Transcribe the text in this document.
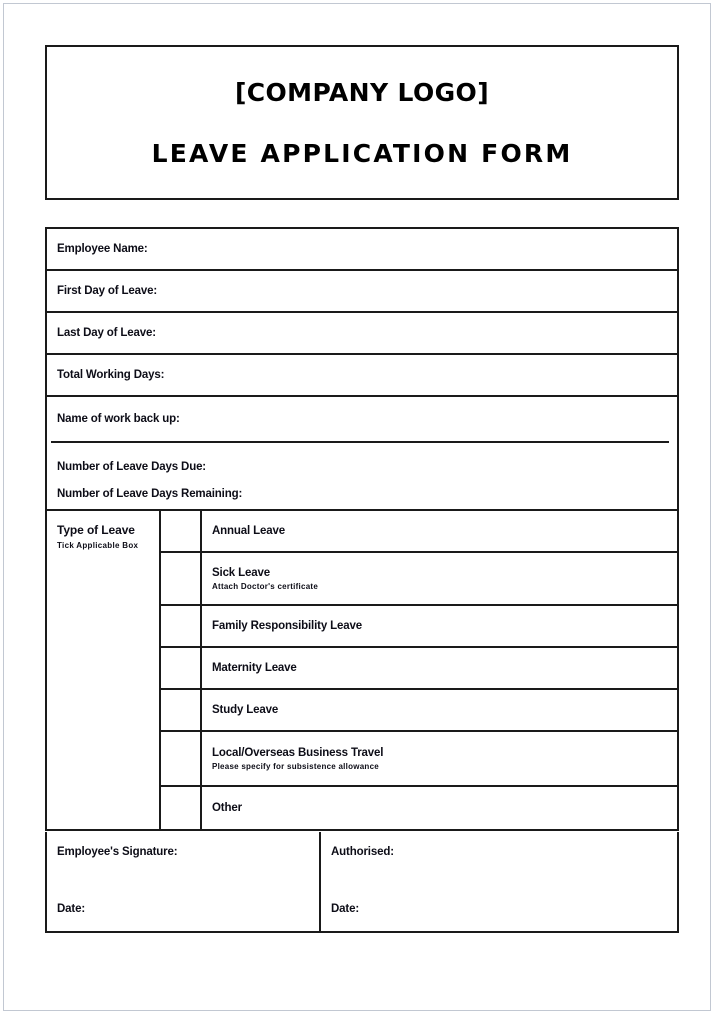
[COMPANY LOGO]
LEAVE APPLICATION FORM
Employee Name:
First Day of Leave:
Last Day of Leave:
Total Working Days:
Name of work back up:
Number of Leave Days Due:
Number of Leave Days Remaining:
Type of Leave
Tick Applicable Box
Annual Leave
Sick Leave
Attach Doctor's certificate
Family Responsibility Leave
Maternity Leave
Study Leave
Local/Overseas Business Travel
Please specify for subsistence allowance
Other
Employee's Signature:
Date:
Authorised:
Date:
